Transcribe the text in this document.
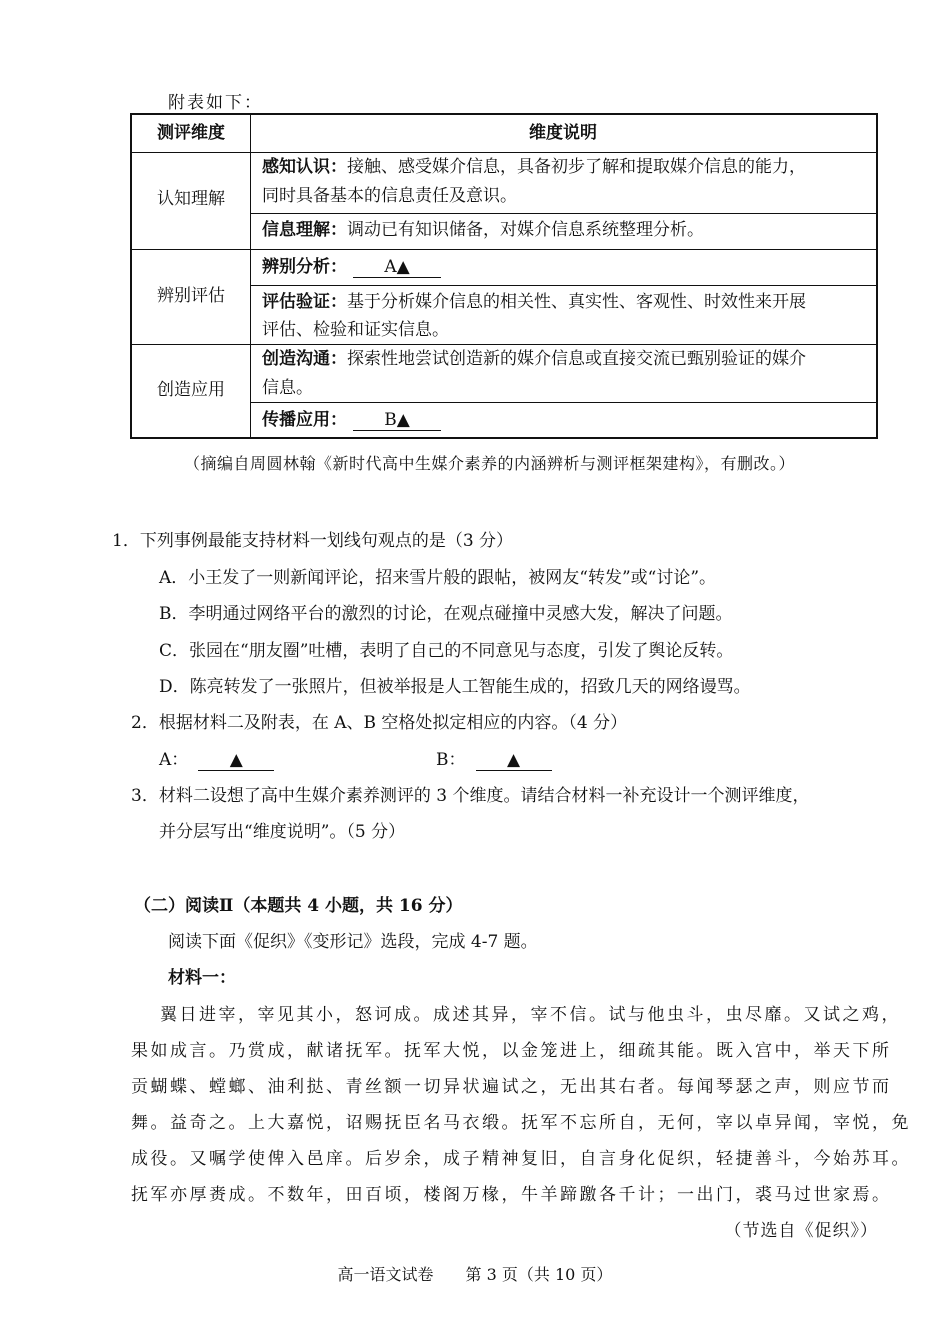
附表如下：
测评维度	维度说明
认知理解
感知认识：接触、感受媒介信息，具备初步了解和提取媒介信息的能力，
同时具备基本的信息责任及意识。
信息理解：调动已有知识储备，对媒介信息系统整理分析。
辨别评估
辨别分析： A▲
评估验证：基于分析媒介信息的相关性、真实性、客观性、时效性来开展
评估、检验和证实信息。
创造应用
创造沟通：探索性地尝试创造新的媒介信息或直接交流已甄别验证的媒介
信息。
传播应用： B▲
（摘编自周圆林翰《新时代高中生媒介素养的内涵辨析与测评框架建构》，有删改。）
1．下列事例最能支持材料一划线句观点的是（3 分）
A．小王发了一则新闻评论，招来雪片般的跟帖，被网友“转发”或“讨论”。
B．李明通过网络平台的激烈的讨论，在观点碰撞中灵感大发，解决了问题。
C．张园在“朋友圈”吐槽，表明了自己的不同意见与态度，引发了舆论反转。
D．陈亮转发了一张照片，但被举报是人工智能生成的，招致几天的网络谩骂。
2．根据材料二及附表，在 A、B 空格处拟定相应的内容。（4 分）
A： ▲	B： ▲
3．材料二设想了高中生媒介素养测评的 3 个维度。请结合材料一补充设计一个测评维度，
并分层写出“维度说明”。（5 分）
（二）阅读Ⅱ（本题共 4 小题，共 16 分）
阅读下面《促织》《变形记》选段，完成 4-7 题。
材料一：
翼日进宰，宰见其小，怒诃成。成述其异，宰不信。试与他虫斗，虫尽靡。又试之鸡，
果如成言。乃赏成，献诸抚军。抚军大悦，以金笼进上，细疏其能。既入宫中，举天下所
贡蝴蝶、螳螂、油利挞、青丝额一切异状遍试之，无出其右者。每闻琴瑟之声，则应节而
舞。益奇之。上大嘉悦，诏赐抚臣名马衣缎。抚军不忘所自，无何，宰以卓异闻，宰悦，免
成役。又嘱学使俾入邑庠。后岁余，成子精神复旧，自言身化促织，轻捷善斗，今始苏耳。
抚军亦厚赉成。不数年，田百顷，楼阁万椽，牛羊蹄躈各千计；一出门，裘马过世家焉。
（节选自《促织》）
高一语文试卷　　第 3 页（共 10 页）
